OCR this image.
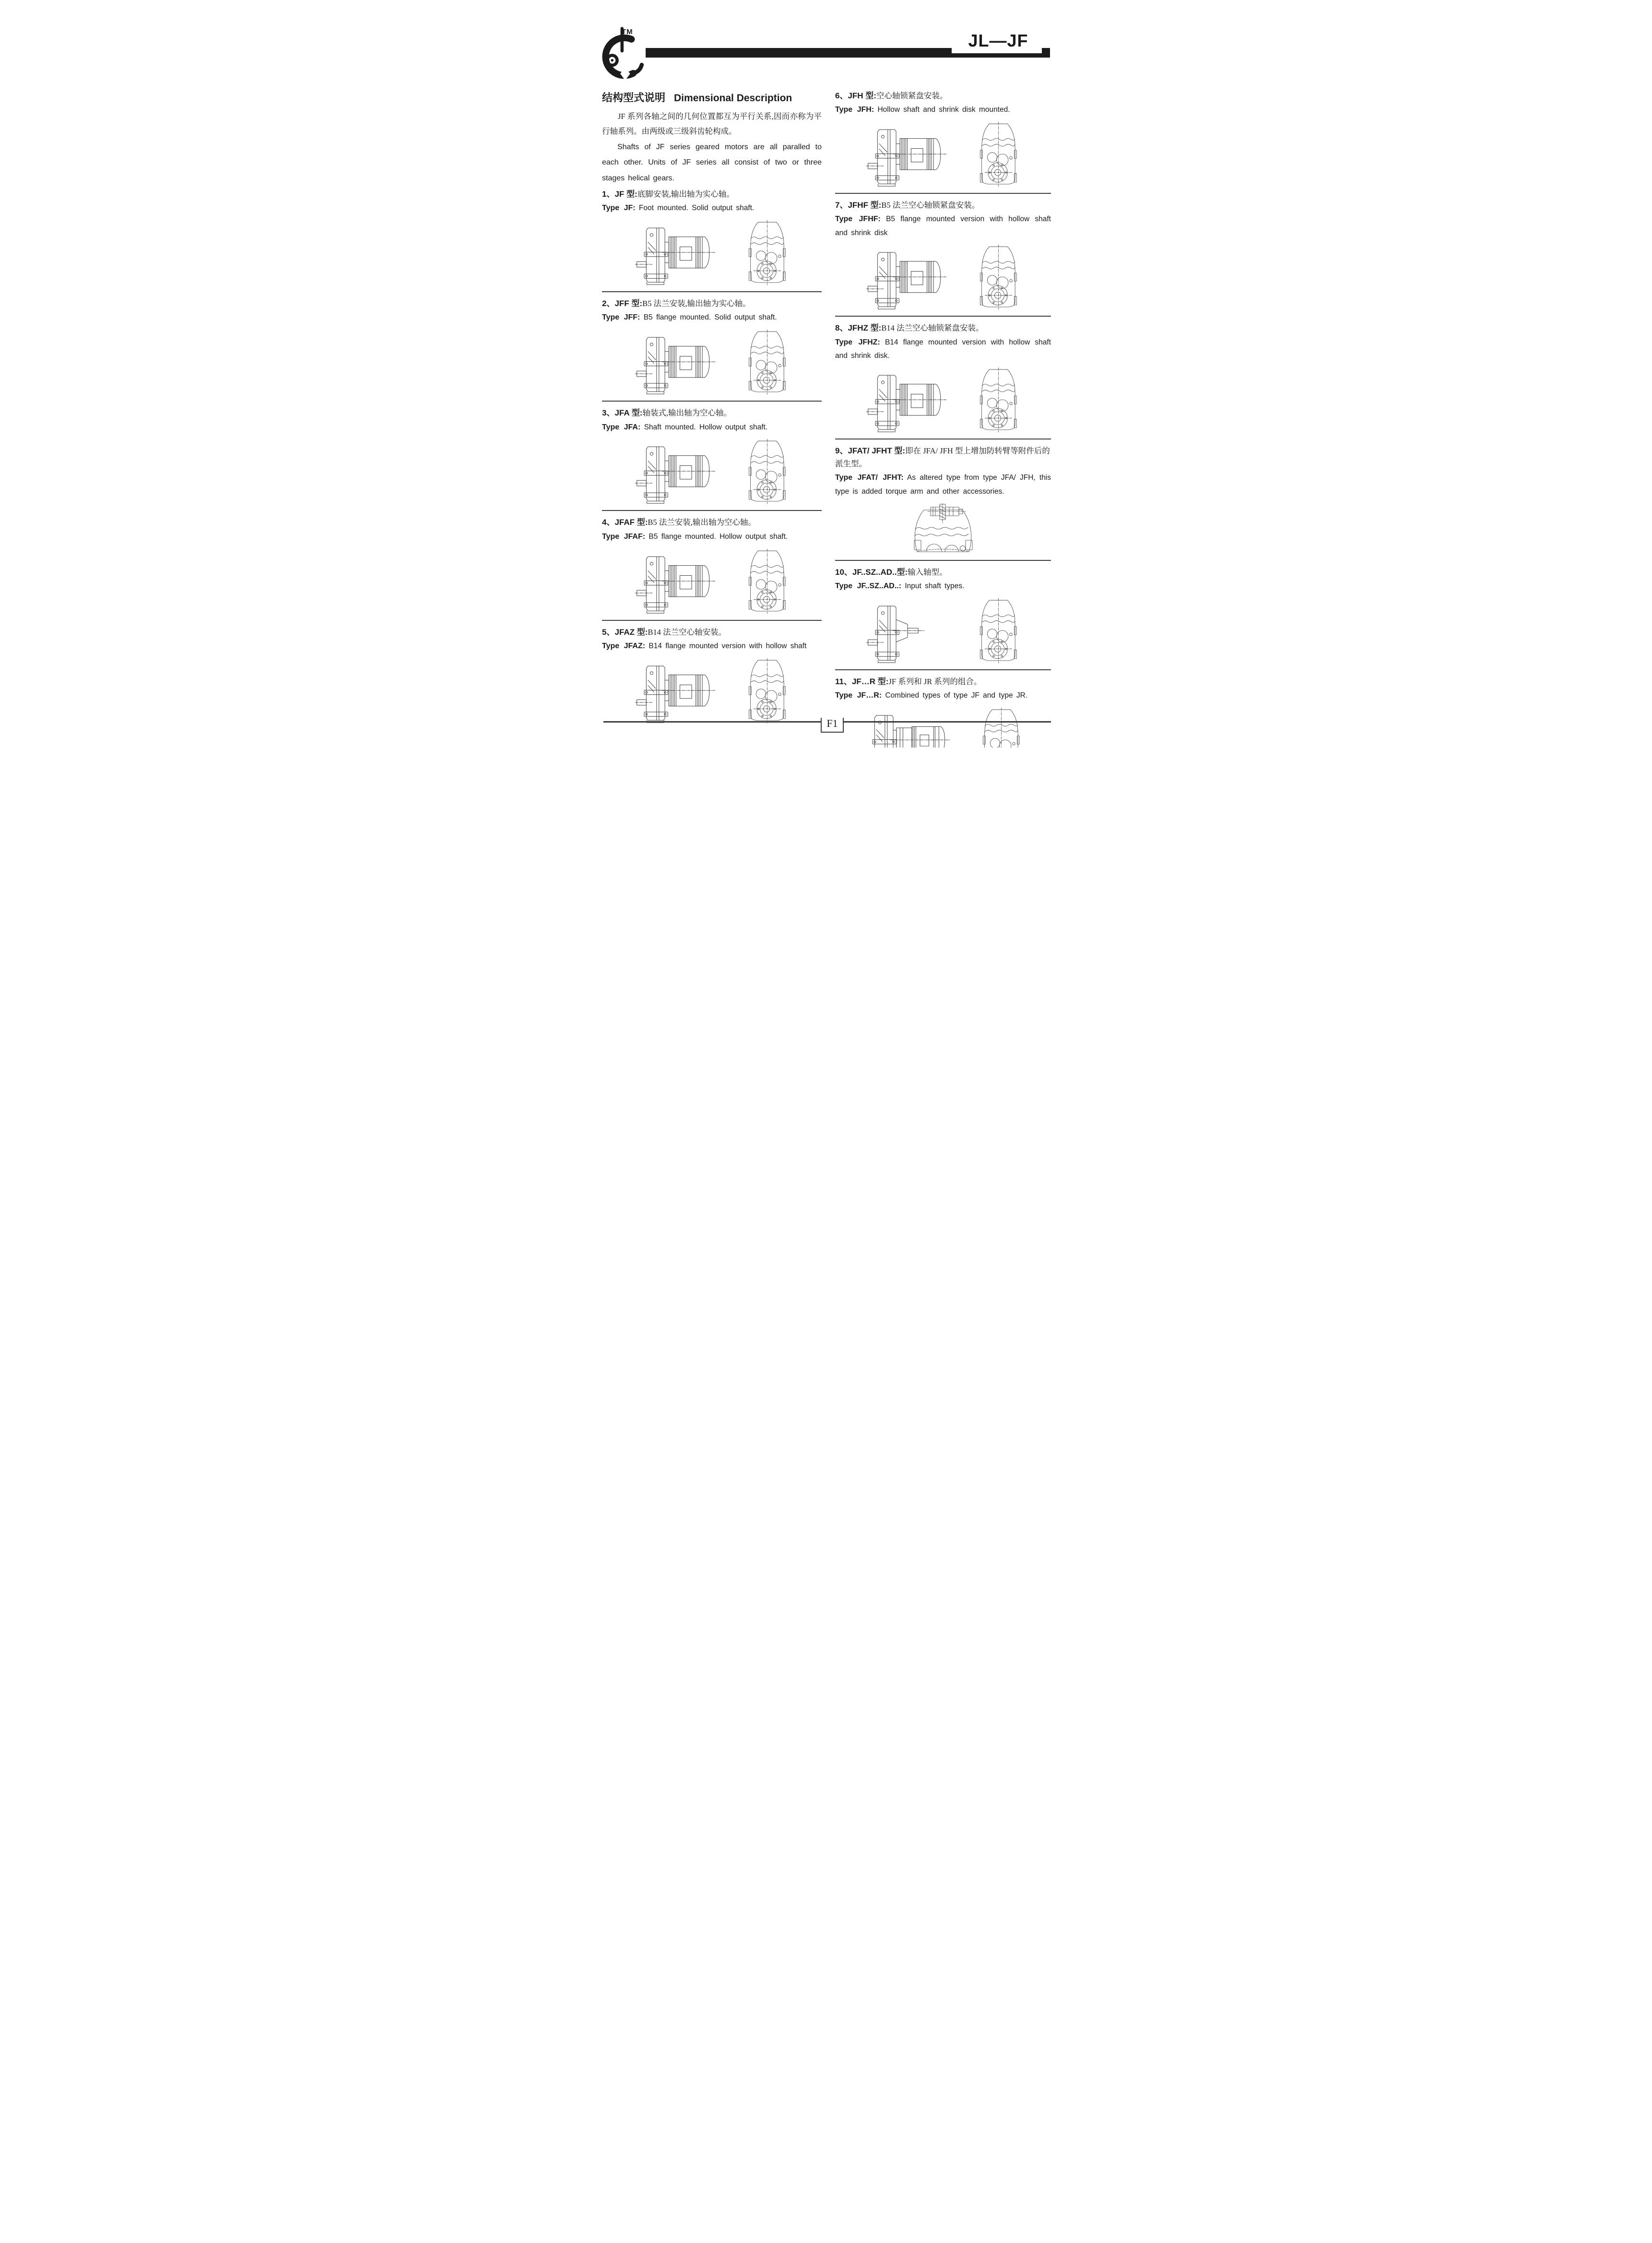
TM	JL—JF
结构型式说明 Dimensional Description

JF 系列各轴之间的几何位置都互为平行关系,因而亦称为平行轴系列。由两级或三级斜齿轮构成。

Shafts of JF series geared motors are all paralled to each other. Units of JF series all consist of two or three stages helical gears.

1、JF 型:底脚安装,输出轴为实心轴。

Type JF: Foot mounted. Solid output shaft.

2、JFF 型:B5 法兰安装,输出轴为实心轴。

Type JFF: B5 flange mounted. Solid output shaft.

3、JFA 型:轴装式,输出轴为空心轴。

Type JFA: Shaft mounted. Hollow output shaft.

4、JFAF 型:B5 法兰安装,输出轴为空心轴。

Type JFAF: B5 flange mounted. Hollow output shaft.

5、JFAZ 型:B14 法兰空心轴安装。

Type JFAZ: B14 flange mounted version with hollow shaft

6、JFH 型:空心轴锁紧盘安装。

Type JFH: Hollow shaft and shrink disk mounted.

7、JFHF 型:B5 法兰空心轴锁紧盘安装。

Type JFHF: B5 flange mounted version with hollow shaft and shrink disk

8、JFHZ 型:B14 法兰空心轴锁紧盘安装。

Type JFHZ: B14 flange mounted version with hollow shaft and shrink disk.

9、JFAT/ JFHT 型:即在 JFA/ JFH 型上增加防转臂等附件后的派生型。

Type JFAT/ JFHT: As altered type from type JFA/ JFH, this type is added torque arm and other accessories.

10、JF..SZ..AD..型:输入轴型。

Type JF..SZ..AD..: Input shaft types.

11、JF…R 型:JF 系列和 JR 系列的组合。

Type JF…R: Combined types of type JF and type JR.

F1
